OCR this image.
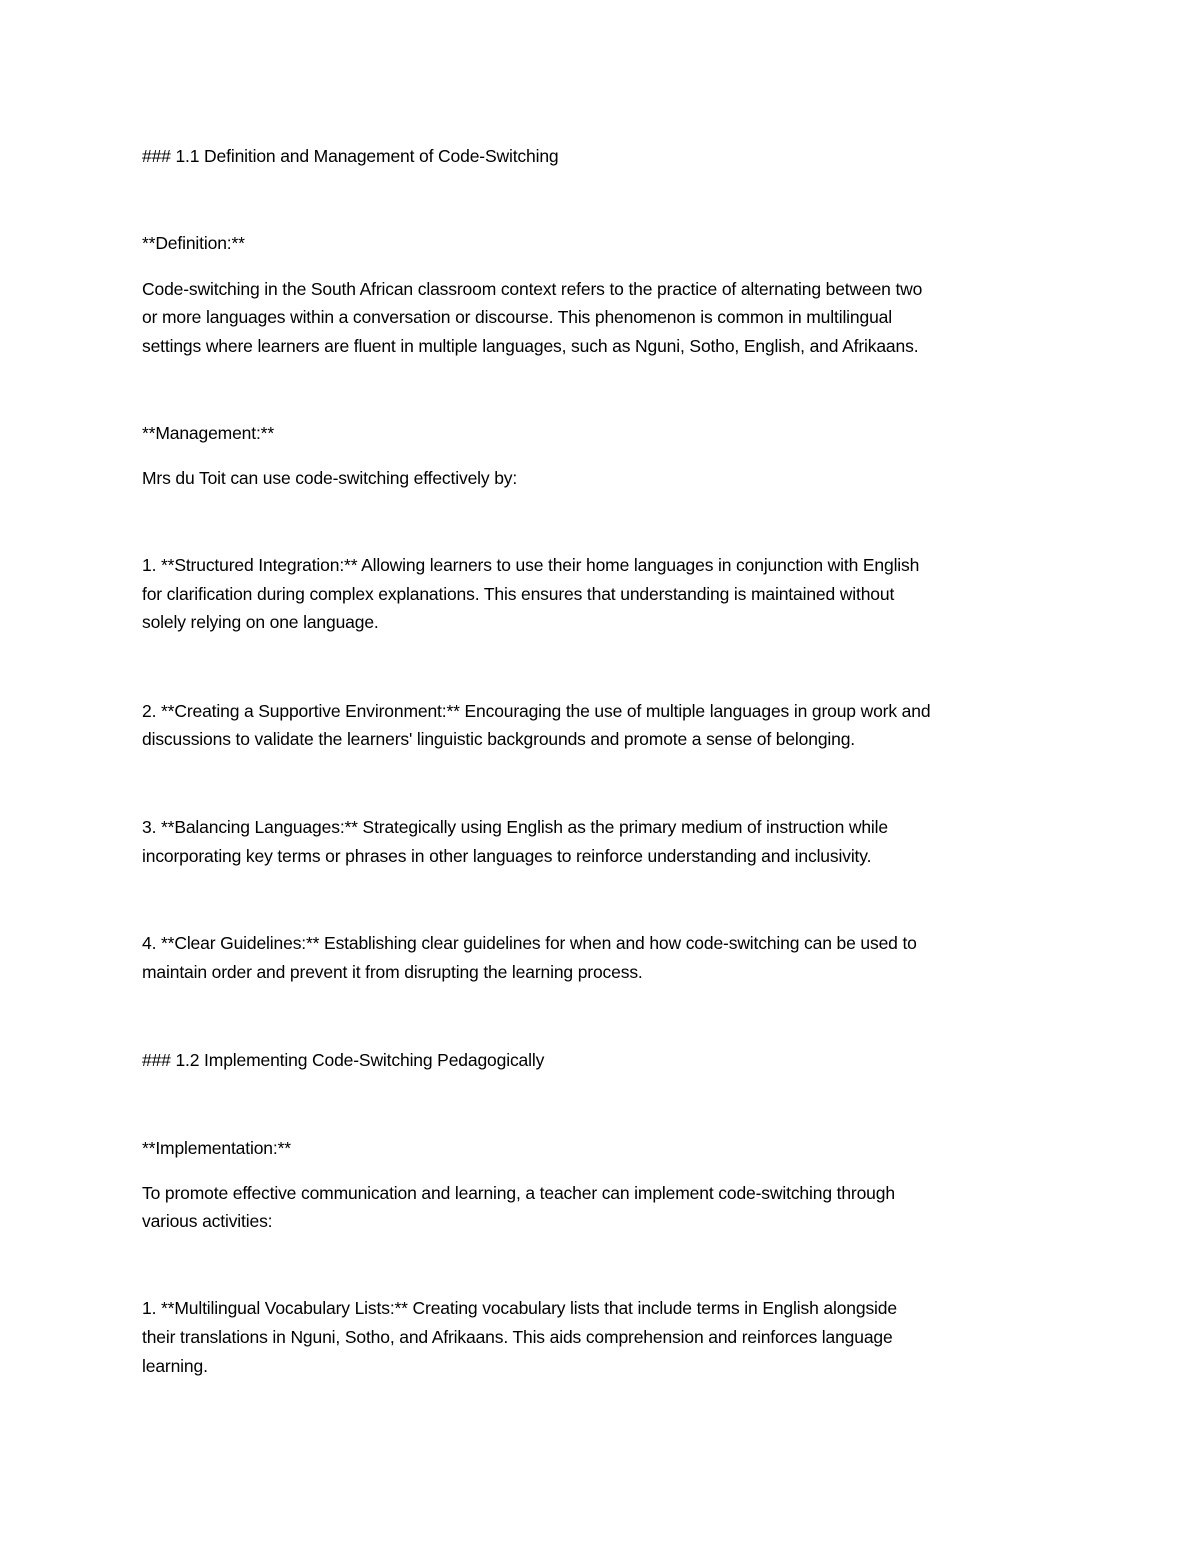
### 1.1 Definition and Management of Code-Switching

**Definition:**

Code-switching in the South African classroom context refers to the practice of alternating between two

or more languages within a conversation or discourse. This phenomenon is common in multilingual

settings where learners are fluent in multiple languages, such as Nguni, Sotho, English, and Afrikaans.

**Management:**

Mrs du Toit can use code-switching effectively by:

1. **Structured Integration:** Allowing learners to use their home languages in conjunction with English

for clarification during complex explanations. This ensures that understanding is maintained without

solely relying on one language.

2. **Creating a Supportive Environment:** Encouraging the use of multiple languages in group work and

discussions to validate the learners' linguistic backgrounds and promote a sense of belonging.

3. **Balancing Languages:** Strategically using English as the primary medium of instruction while

incorporating key terms or phrases in other languages to reinforce understanding and inclusivity.

4. **Clear Guidelines:** Establishing clear guidelines for when and how code-switching can be used to

maintain order and prevent it from disrupting the learning process.

### 1.2 Implementing Code-Switching Pedagogically

**Implementation:**

To promote effective communication and learning, a teacher can implement code-switching through

various activities:

1. **Multilingual Vocabulary Lists:** Creating vocabulary lists that include terms in English alongside

their translations in Nguni, Sotho, and Afrikaans. This aids comprehension and reinforces language

learning.
